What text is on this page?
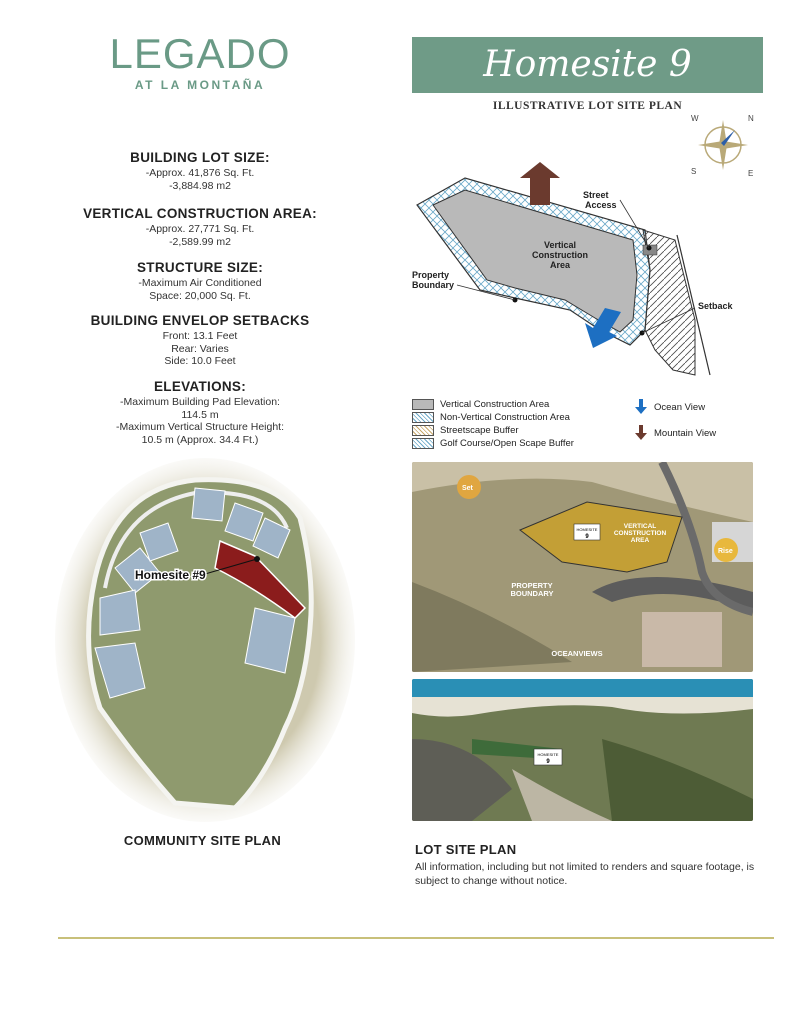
LEGADO
AT LA MONTAÑA
BUILDING LOT SIZE:

-Approx. 41,876 Sq. Ft.

-3,884.98 m2

VERTICAL CONSTRUCTION AREA:

-Approx. 27,771 Sq. Ft.

-2,589.99 m2

STRUCTURE SIZE:

-Maximum Air Conditioned

Space: 20,000 Sq. Ft.

BUILDING ENVELOP SETBACKS

Front: 13.1 Feet

Rear: Varies

Side: 10.0 Feet

ELEVATIONS:

-Maximum Building Pad Elevation:

114.5 m

-Maximum Vertical Structure Height:

10.5 m (Approx. 34.4 Ft.)

Homesite #9
COMMUNITY SITE PLAN
Homesite 9
ILLUSTRATIVE LOT SITE PLAN
W	N
S	E
Vertical
Construction
Area
Street
Access
Property
Boundary
Setback
Vertical Construction Area
Non-Vertical Construction Area
Streetscape Buffer
Golf Course/Open Scape Buffer
Ocean View
Mountain View
Set
Rise
HOMESITE
9
VERTICAL
CONSTRUCTION
AREA
PROPERTY
BOUNDARY
OCEANVIEWS
HOMESITE
9
LOT SITE PLAN
All information, including but not limited to renders and square footage, is subject to change without notice.
